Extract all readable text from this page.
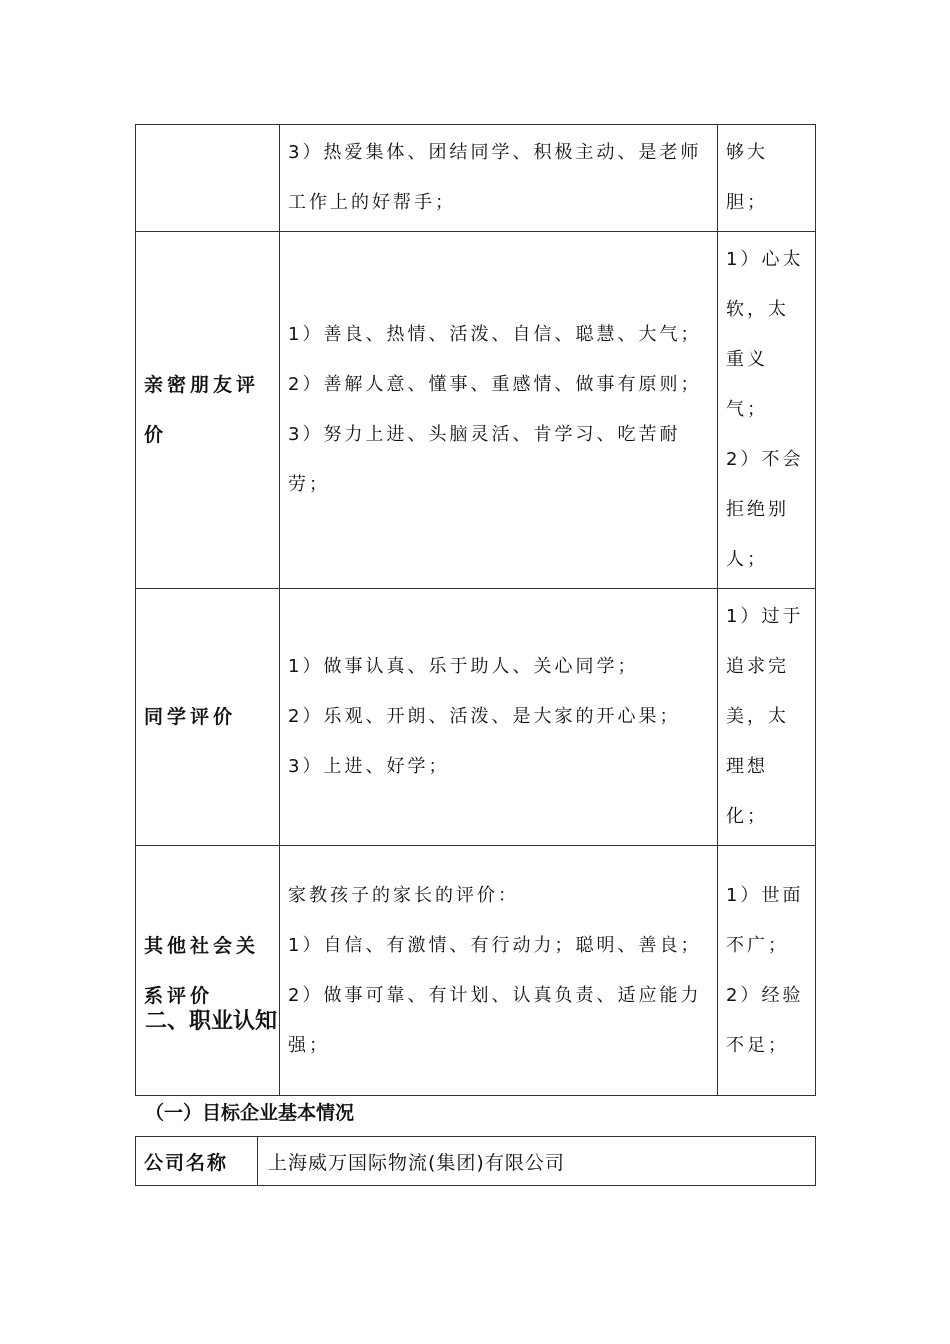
	3）热爱集体、团结同学、积极主动、是老师工作上的好帮手；	够大胆；

亲密朋友评价	1）善良、热情、活泼、自信、聪慧、大气；
2）善解人意、懂事、重感情、做事有原则；
3）努力上进、头脑灵活、肯学习、吃苦耐劳；	1）心太软，太重义气；
2）不会拒绝别人；

同学评价	1）做事认真、乐于助人、关心同学；
2）乐观、开朗、活泼、是大家的开心果；
3）上进、好学；	1）过于追求完美，太理想化；

其他社会关系评价	家教孩子的家长的评价：
1）自信、有激情、有行动力；聪明、善良；
2）做事可靠、有计划、认真负责、适应能力强；	1）世面不广；
2）经验不足；
二、职业认知
（一）目标企业基本情况
公司名称	上海威万国际物流(集团)有限公司
